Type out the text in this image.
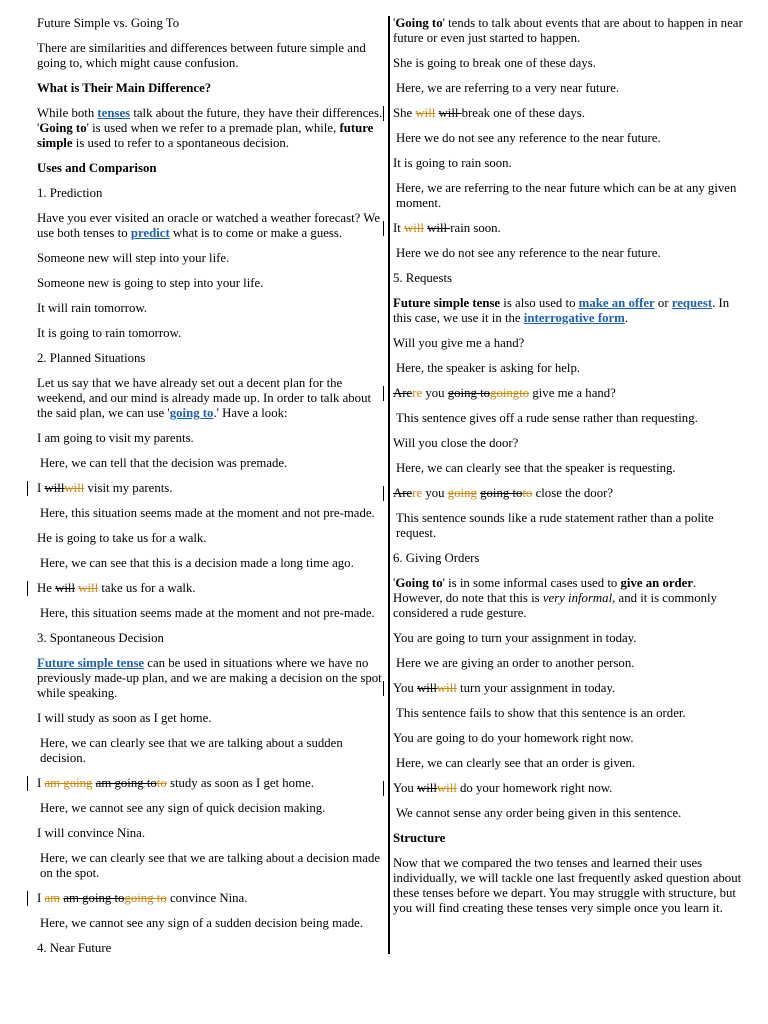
Future Simple vs. Going To
There are similarities and differences between future simple and going to, which might cause confusion.
What is Their Main Difference?
While both tenses talk about the future, they have their differences. 'Going to' is used when we refer to a premade plan, while, future simple is used to refer to a spontaneous decision.
Uses and Comparison
1. Prediction
Have you ever visited an oracle or watched a weather forecast? We use both tenses to predict what is to come or make a guess.
Someone new will step into your life.
Someone new is going to step into your life.
It will rain tomorrow.
It is going to rain tomorrow.
2. Planned Situations
Let us say that we have already set out a decent plan for the weekend, and our mind is already made up. In order to talk about the said plan, we can use 'going to.' Have a look:
I am going to visit my parents.
Here, we can tell that the decision was premade.
I willwill visit my parents.
Here, this situation seems made at the moment and not pre-made.
He is going to take us for a walk.
Here, we can see that this is a decision made a long time ago.
He will will take us for a walk.
Here, this situation seems made at the moment and not pre-made.
3. Spontaneous Decision
Future simple tense can be used in situations where we have no previously made-up plan, and we are making a decision on the spot while speaking.
I will study as soon as I get home.
Here, we can clearly see that we are talking about a sudden decision.
I am going am going toto study as soon as I get home.
Here, we cannot see any sign of quick decision making.
I will convince Nina.
Here, we can clearly see that we are talking about a decision made on the spot.
I am am going togoing to convince Nina.
Here, we cannot see any sign of a sudden decision being made.
4. Near Future
'Going to' tends to talk about events that are about to happen in near future or even just started to happen.
She is going to break one of these days.
Here, we are referring to a very near future.
She will will break one of these days.
Here we do not see any reference to the near future.
It is going to rain soon.
Here, we are referring to the near future which can be at any given moment.
It will will rain soon.
Here we do not see any reference to the near future.
5. Requests
Future simple tense is also used to make an offer or request. In this case, we use it in the interrogative form.
Will you give me a hand?
Here, the speaker is asking for help.
Arere you going togoingto give me a hand?
This sentence gives off a rude sense rather than requesting.
Will you close the door?
Here, we can clearly see that the speaker is requesting.
Arere you going going toto close the door?
This sentence sounds like a rude statement rather than a polite request.
6. Giving Orders
'Going to' is in some informal cases used to give an order. However, do note that this is very informal, and it is commonly considered a rude gesture.
You are going to turn your assignment in today.
Here we are giving an order to another person.
You willwill turn your assignment in today.
This sentence fails to show that this sentence is an order.
You are going to do your homework right now.
Here, we can clearly see that an order is given.
You willwill do your homework right now.
We cannot sense any order being given in this sentence.
Structure
Now that we compared the two tenses and learned their uses individually, we will tackle one last frequently asked question about these tenses before we depart. You may struggle with structure, but you will find creating these tenses very simple once you learn it.
